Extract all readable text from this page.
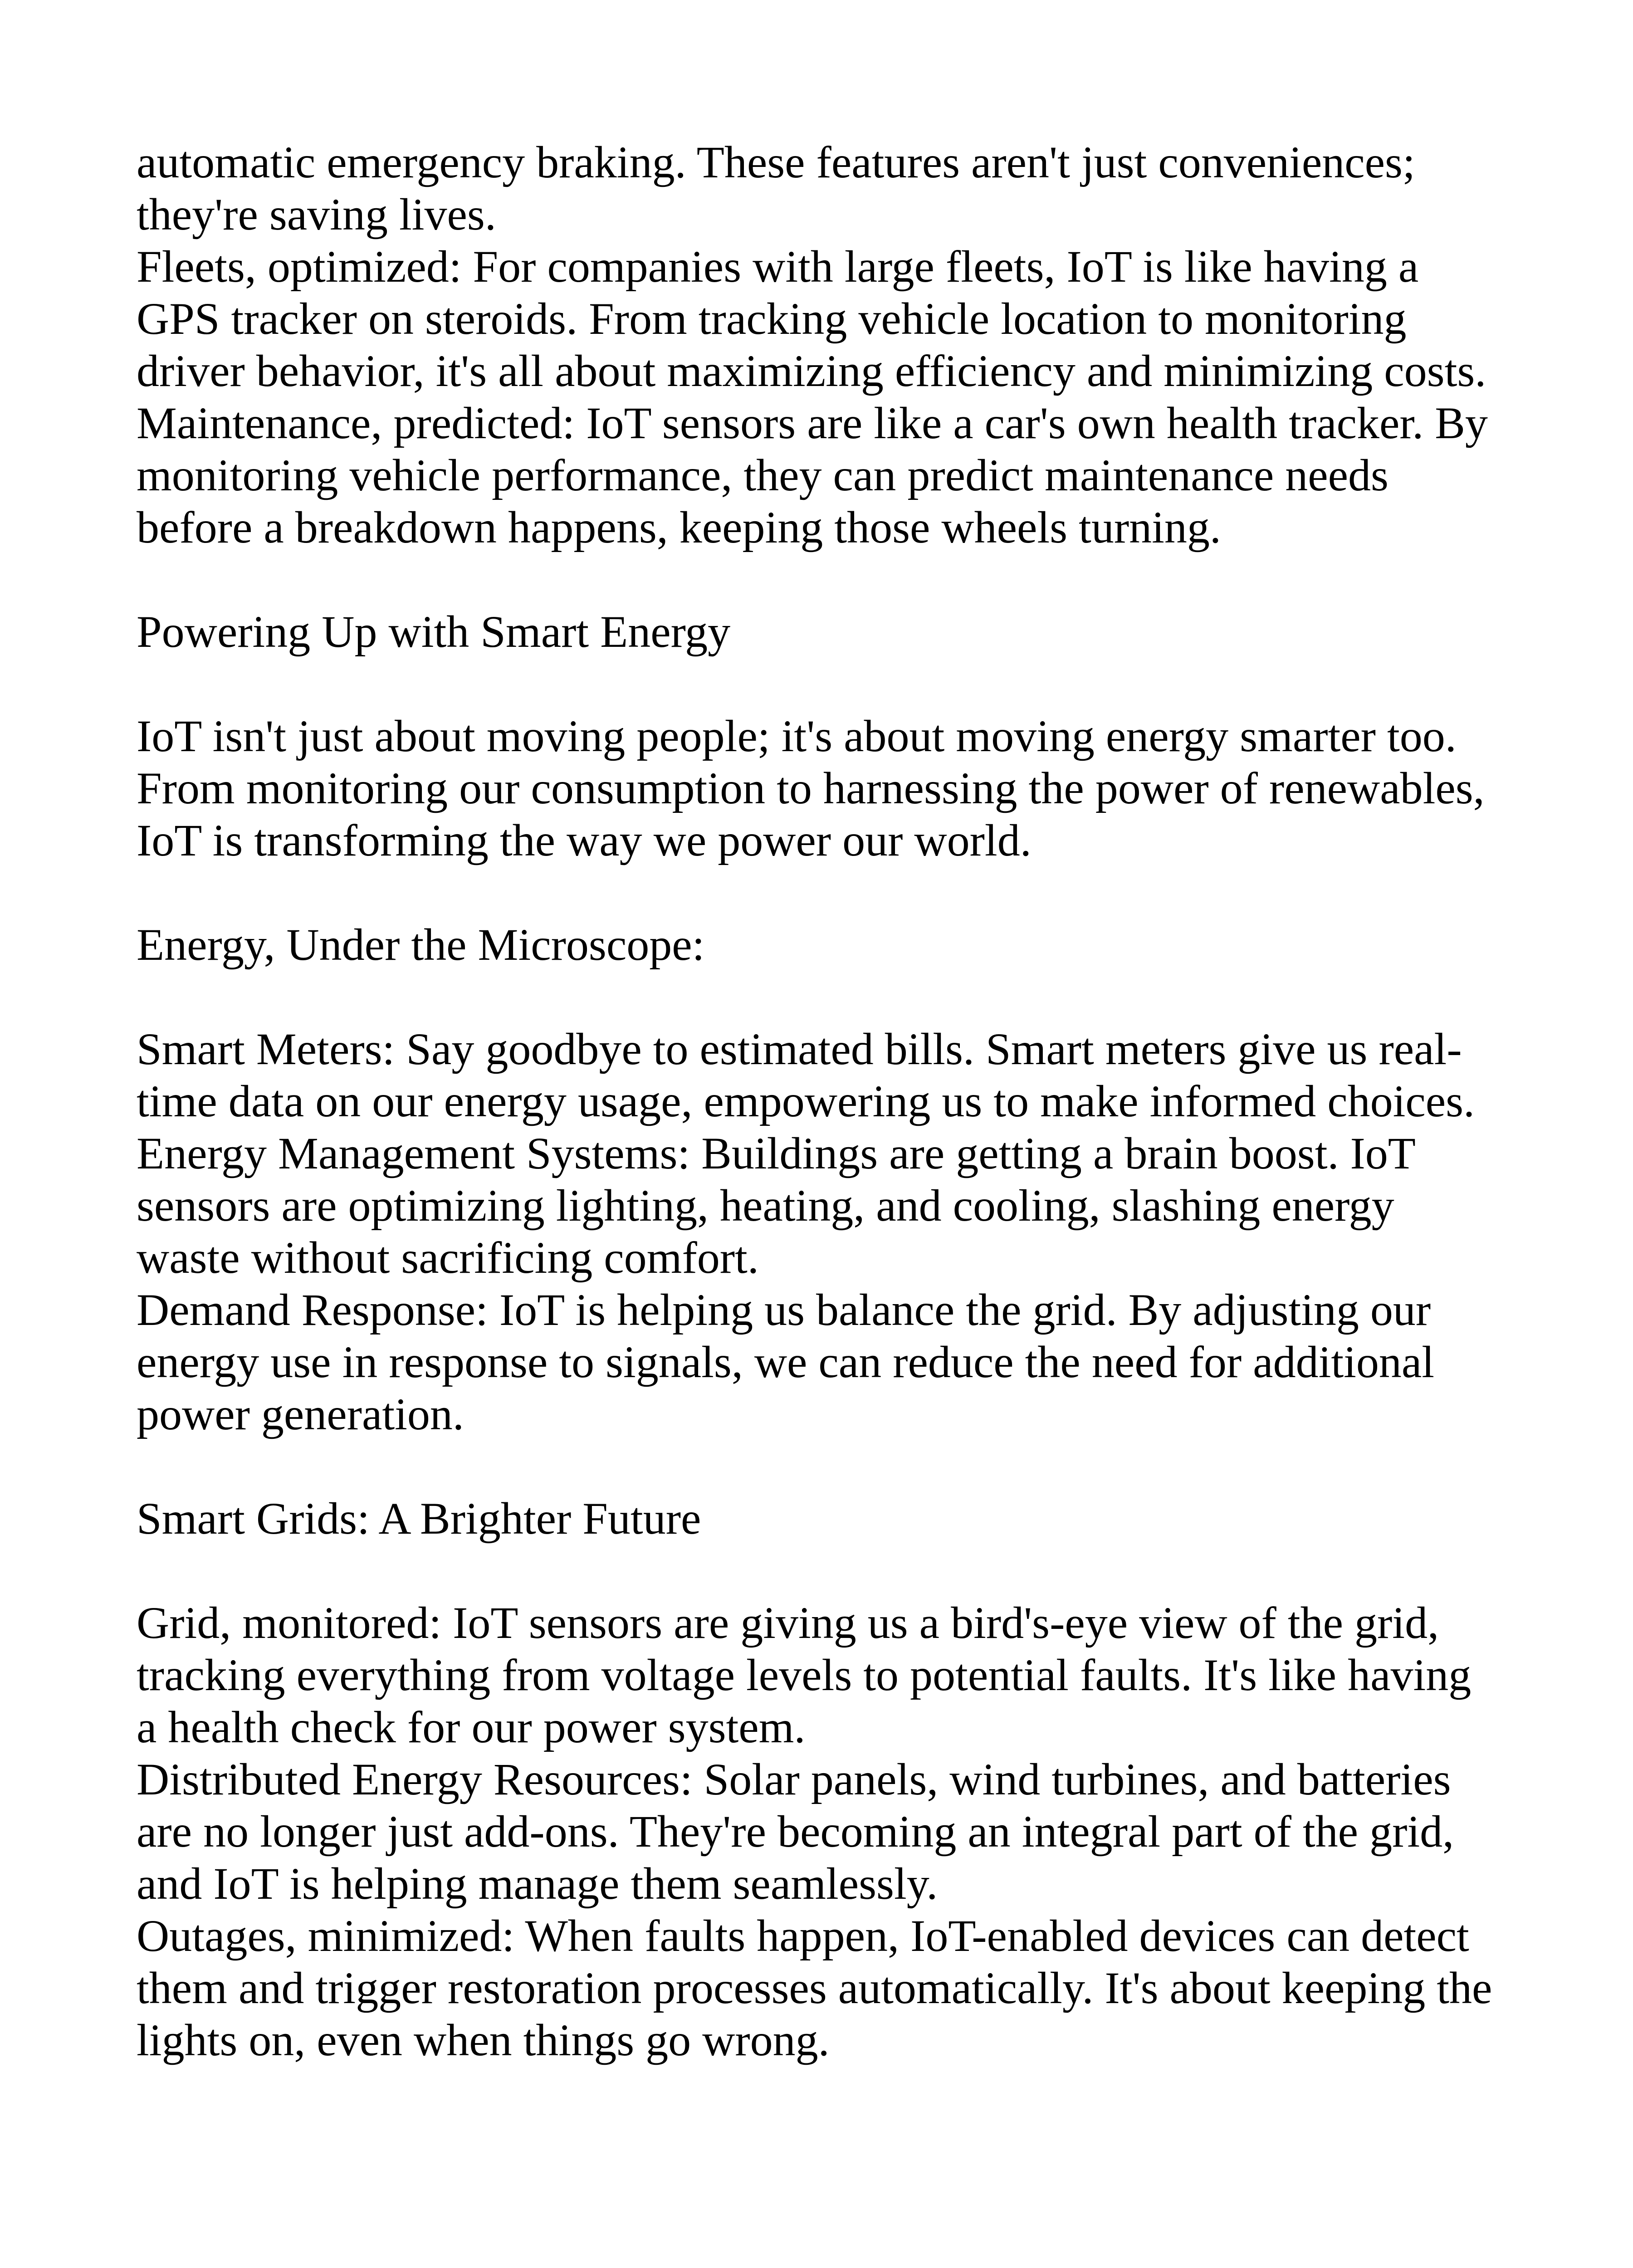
automatic emergency braking. These features aren't just conveniences; they're saving lives.

Fleets, optimized: For companies with large fleets, IoT is like having a GPS tracker on steroids. From tracking vehicle location to monitoring driver behavior, it's all about maximizing efficiency and minimizing costs.

Maintenance, predicted: IoT sensors are like a car's own health tracker. By monitoring vehicle performance, they can predict maintenance needs before a breakdown happens, keeping those wheels turning.

Powering Up with Smart Energy

IoT isn't just about moving people; it's about moving energy smarter too. From monitoring our consumption to harnessing the power of renewables, IoT is transforming the way we power our world.

Energy, Under the Microscope:

Smart Meters: Say goodbye to estimated bills. Smart meters give us real-time data on our energy usage, empowering us to make informed choices.

Energy Management Systems: Buildings are getting a brain boost. IoT sensors are optimizing lighting, heating, and cooling, slashing energy waste without sacrificing comfort.

Demand Response: IoT is helping us balance the grid. By adjusting our energy use in response to signals, we can reduce the need for additional power generation.

Smart Grids: A Brighter Future

Grid, monitored: IoT sensors are giving us a bird's-eye view of the grid, tracking everything from voltage levels to potential faults. It's like having a health check for our power system.

Distributed Energy Resources: Solar panels, wind turbines, and batteries are no longer just add-ons. They're becoming an integral part of the grid, and IoT is helping manage them seamlessly.

Outages, minimized: When faults happen, IoT-enabled devices can detect them and trigger restoration processes automatically. It's about keeping the lights on, even when things go wrong.
